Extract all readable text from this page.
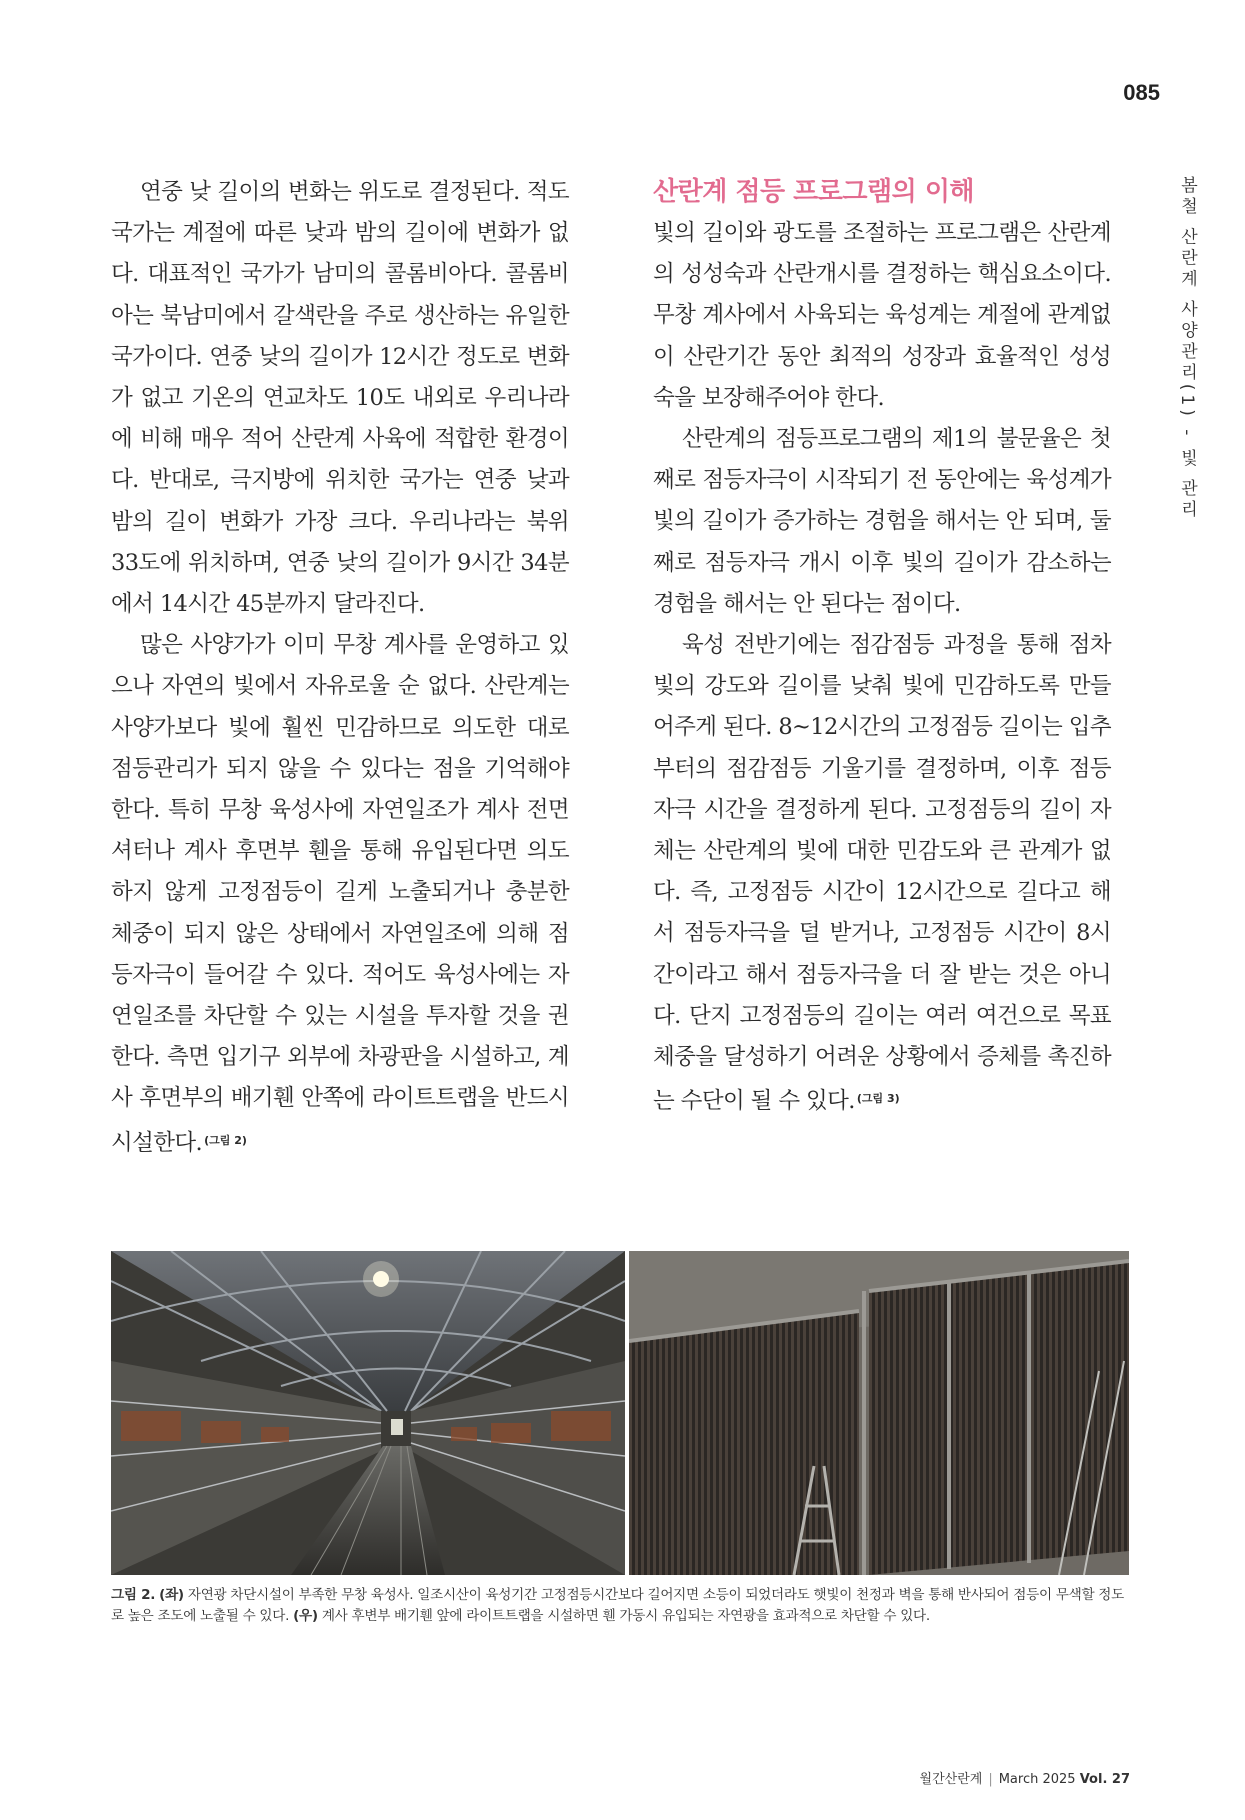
085
봄철 산란계 사양관리(1) - 빛 관리

연중 낮 길이의 변화는 위도로 결정된다. 적도 국가는 계절에 따른 낮과 밤의 길이에 변화가 없다. 대표적인 국가가 남미의 콜롬비아다. 콜롬비아는 북남미에서 갈색란을 주로 생산하는 유일한 국가이다. 연중 낮의 길이가 12시간 정도로 변화가 없고 기온의 연교차도 10도 내외로 우리나라에 비해 매우 적어 산란계 사육에 적합한 환경이다. 반대로, 극지방에 위치한 국가는 연중 낮과 밤의 길이 변화가 가장 크다. 우리나라는 북위 33도에 위치하며, 연중 낮의 길이가 9시간 34분에서 14시간 45분까지 달라진다.

많은 사양가가 이미 무창 계사를 운영하고 있으나 자연의 빛에서 자유로울 순 없다. 산란계는 사양가보다 빛에 훨씬 민감하므로 의도한 대로 점등관리가 되지 않을 수 있다는 점을 기억해야 한다. 특히 무창 육성사에 자연일조가 계사 전면셔터나 계사 후면부 휀을 통해 유입된다면 의도하지 않게 고정점등이 길게 노출되거나 충분한 체중이 되지 않은 상태에서 자연일조에 의해 점등자극이 들어갈 수 있다. 적어도 육성사에는 자연일조를 차단할 수 있는 시설을 투자할 것을 권한다. 측면 입기구 외부에 차광판을 시설하고, 계사 후면부의 배기휀 안쪽에 라이트트랩을 반드시 시설한다. $^{(그림 2)}$

산란계 점등 프로그램의 이해

빛의 길이와 광도를 조절하는 프로그램은 산란계의 성성숙과 산란개시를 결정하는 핵심요소이다. 무창 계사에서 사육되는 육성계는 계절에 관계없이 산란기간 동안 최적의 성장과 효율적인 성성숙을 보장해주어야 한다.

산란계의 점등프로그램의 제1의 불문율은 첫째로 점등자극이 시작되기 전 동안에는 육성계가 빛의 길이가 증가하는 경험을 해서는 안 되며, 둘째로 점등자극 개시 이후 빛의 길이가 감소하는 경험을 해서는 안 된다는 점이다.

육성 전반기에는 점감점등 과정을 통해 점차 빛의 강도와 길이를 낮춰 빛에 민감하도록 만들어주게 된다. 8~12시간의 고정점등 길이는 입추부터의 점감점등 기울기를 결정하며, 이후 점등자극 시간을 결정하게 된다. 고정점등의 길이 자체는 산란계의 빛에 대한 민감도와 큰 관계가 없다. 즉, 고정점등 시간이 12시간으로 길다고 해서 점등자극을 덜 받거나, 고정점등 시간이 8시간이라고 해서 점등자극을 더 잘 받는 것은 아니다. 단지 고정점등의 길이는 여러 여건으로 목표체중을 달성하기 어려운 상황에서 증체를 촉진하는 수단이 될 수 있다. $^{(그림 3)}$

그림 2. (좌) 자연광 차단시설이 부족한 무창 육성사. 일조시산이 육성기간 고정점등시간보다 길어지면 소등이 되었더라도 햇빛이 천정과 벽을 통해 반사되어 점등이 무색할 정도로 높은 조도에 노출될 수 있다. (우) 계사 후변부 배기휀 앞에 라이트트랩을 시설하면 휀 가동시 유입되는 자연광을 효과적으로 차단할 수 있다.
월간산란계 | March 2025 Vol. 27
